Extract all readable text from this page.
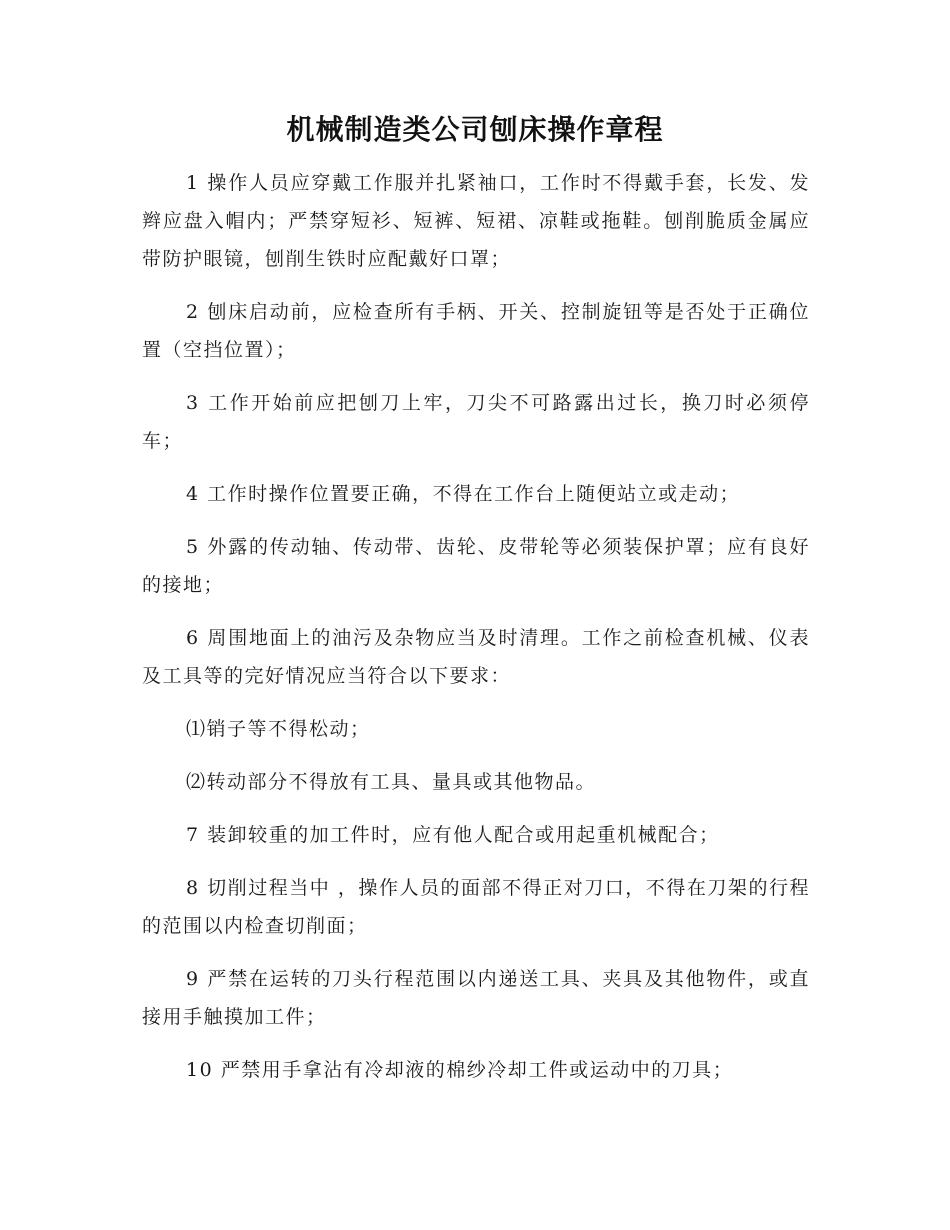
机械制造类公司刨床操作章程

1 操作人员应穿戴工作服并扎紧袖口，工作时不得戴手套，长发、发辫应盘入帽内；严禁穿短衫、短裤、短裙、凉鞋或拖鞋。刨削脆质金属应带防护眼镜，刨削生铁时应配戴好口罩；

2 刨床启动前，应检查所有手柄、开关、控制旋钮等是否处于正确位置（空挡位置）；

3 工作开始前应把刨刀上牢，刀尖不可路露出过长，换刀时必须停车；

4 工作时操作位置要正确，不得在工作台上随便站立或走动；

5 外露的传动轴、传动带、齿轮、皮带轮等必须装保护罩；应有良好的接地；

6 周围地面上的油污及杂物应当及时清理。工作之前检查机械、仪表及工具等的完好情况应当符合以下要求：

⑴销子等不得松动；

⑵转动部分不得放有工具、量具或其他物品。

7 装卸较重的加工件时，应有他人配合或用起重机械配合；

8 切削过程当中 ，操作人员的面部不得正对刀口，不得在刀架的行程的范围以内检查切削面；

9 严禁在运转的刀头行程范围以内递送工具、夹具及其他物件，或直接用手触摸加工件；

10 严禁用手拿沾有冷却液的棉纱冷却工件或运动中的刀具；
